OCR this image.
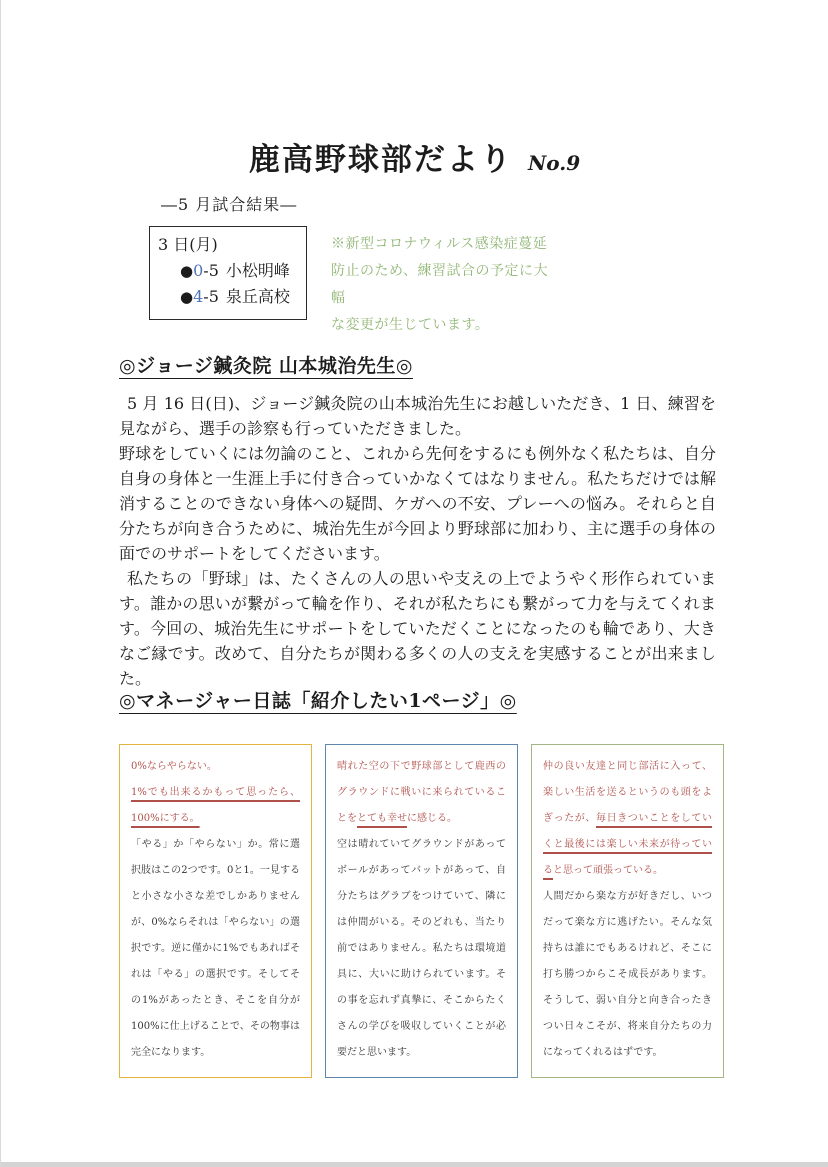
鹿高野球部だより No.9
―5 月試合結果―
3 日(月)
●0-5 小松明峰
●4-5 泉丘高校
※新型コロナウィルス感染症蔓延
防止のため、練習試合の予定に大幅
な変更が生じています。
◎ジョージ鍼灸院 山本城治先生◎

5 月 16 日(日)、ジョージ鍼灸院の山本城治先生にお越しいただき、1 日、練習を見ながら、選手の診察も行っていただきました。

野球をしていくには勿論のこと、これから先何をするにも例外なく私たちは、自分自身の身体と一生涯上手に付き合っていかなくてはなりません。私たちだけでは解消することのできない身体への疑問、ケガへの不安、プレーへの悩み。それらと自分たちが向き合うために、城治先生が今回より野球部に加わり、主に選手の身体の面でのサポートをしてくださいます。

私たちの「野球」は、たくさんの人の思いや支えの上でようやく形作られています。誰かの思いが繋がって輪を作り、それが私たちにも繋がって力を与えてくれます。今回の、城治先生にサポートをしていただくことになったのも輪であり、大きなご縁です。改めて、自分たちが関わる多くの人の支えを実感することが出来ました。

◎マネージャー日誌「紹介したい1ページ」◎
0%ならやらない。
1%でも出来るかもって思ったら、100%にする。
「やる」か「やらない」か。常に選択肢はこの2つです。0と1。一見すると小さな小さな差でしかありませんが、0%ならそれは「やらない」の選択です。逆に僅かに1%でもあればそれは「やる」の選択です。そしてその1%があったとき、そこを自分が100%に仕上げることで、その物事は完全になります。
晴れた空の下で野球部として鹿西のグラウンドに戦いに来られていることをとても幸せに感じる。
空は晴れていてグラウンドがあってボールがあってバットがあって、自分たちはグラブをつけていて、隣には仲間がいる。そのどれも、当たり前ではありません。私たちは環境道具に、大いに助けられています。その事を忘れず真摯に、そこからたくさんの学びを吸収していくことが必要だと思います。
仲の良い友達と同じ部活に入って、楽しい生活を送るというのも頭をよぎったが、毎日きついことをしていくと最後には楽しい未来が待っていると思って頑張っている。
人間だから楽な方が好きだし、いつだって楽な方に逃げたい。そんな気持ちは誰にでもあるけれど、そこに打ち勝つからこそ成長があります。そうして、弱い自分と向き合ったきつい日々こそが、将来自分たちの力になってくれるはずです。
